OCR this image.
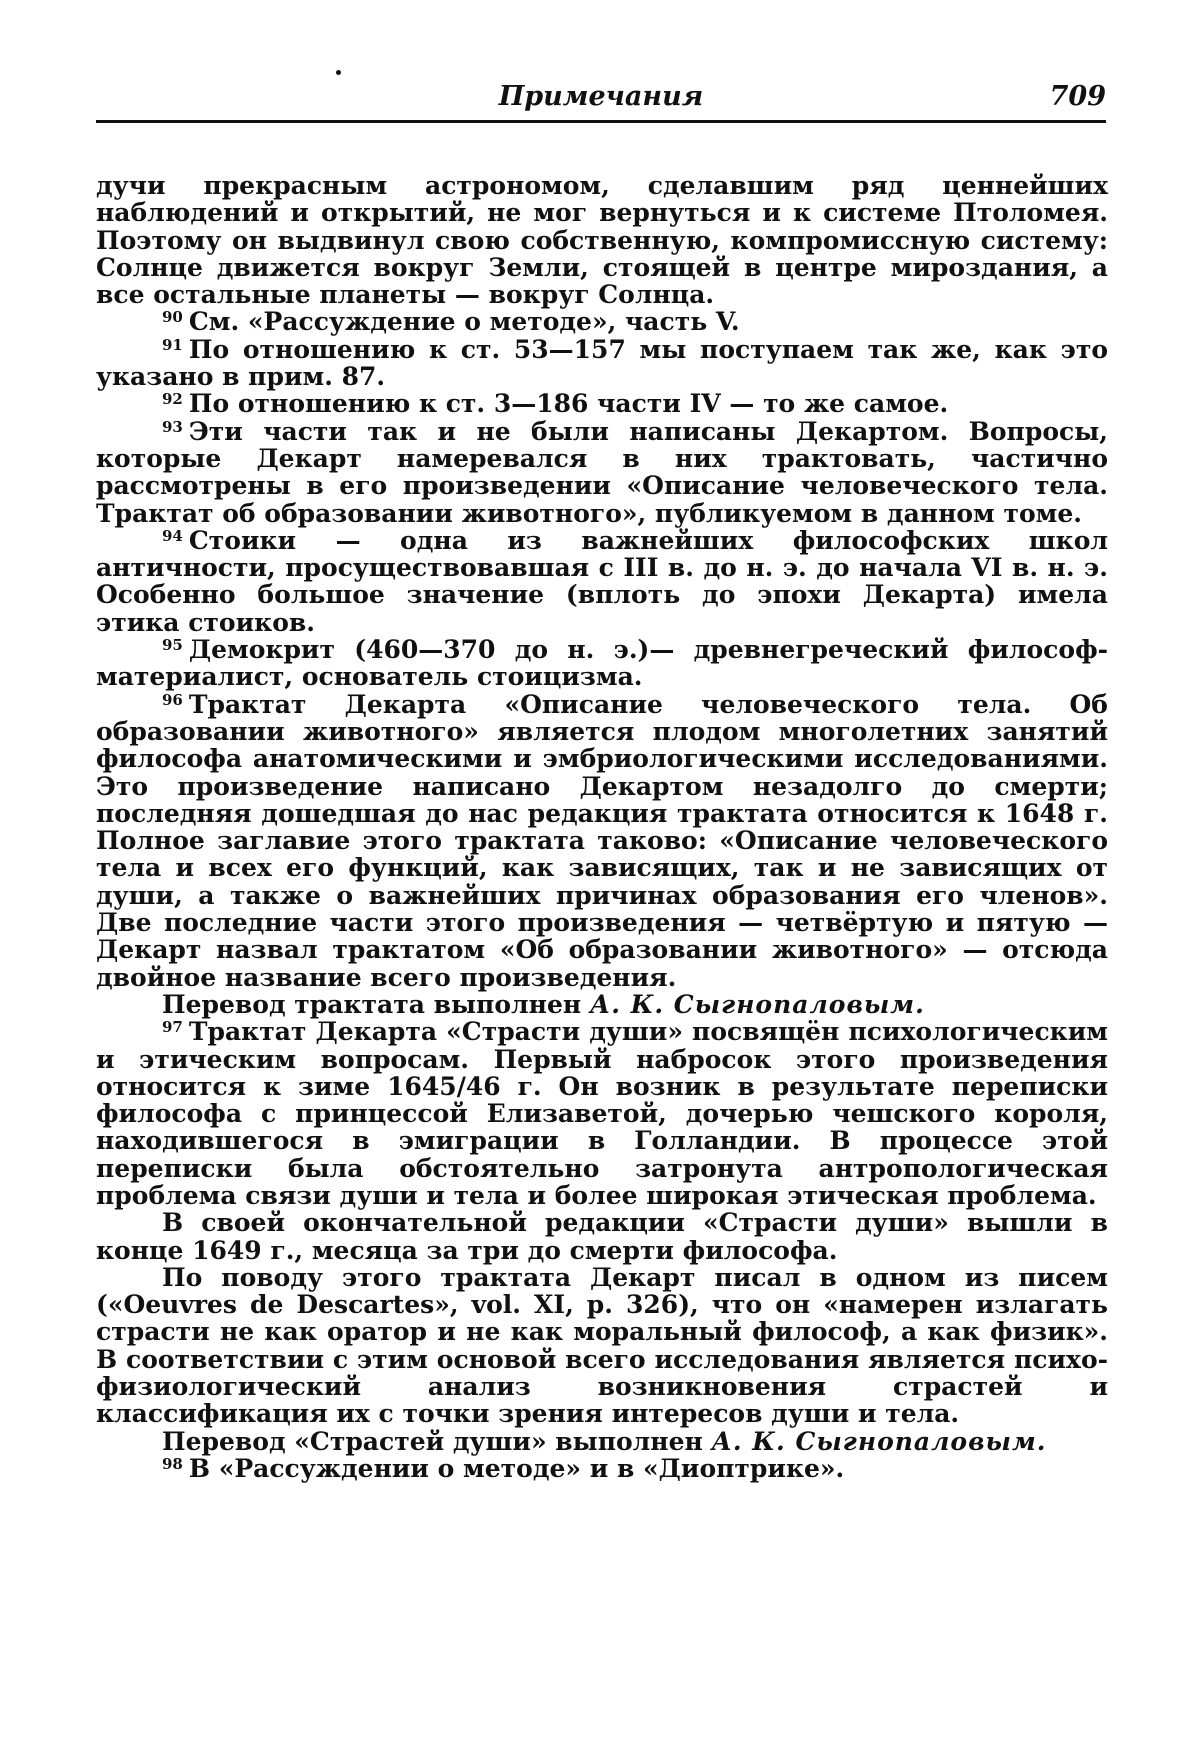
Примечания	709

дучи прекрасным астрономом, сделавшим ряд ценнейших наблюдений и открытий, не мог вернуться и к системе Птоломея. Поэтому он выдвинул свою собственную, компромиссную систему: Солнце движется вокруг Земли, стоящей в центре мироздания, а все остальные планеты — вокруг Солнца.

$^{90}$ См. «Рассуждение о методе», часть V.

$^{91}$ По отношению к ст. 53—157 мы поступаем так же, как это указано в прим. 87.

$^{92}$ По отношению к ст. 3—186 части IV — то же самое.

$^{93}$ Эти части так и не были написаны Декартом. Вопросы, которые Декарт намеревался в них трактовать, частично рассмотрены в его произведении «Описание человеческого тела. Трактат об образовании животного», публикуемом в данном томе.

$^{94}$ Стоики — одна из важнейших философских школ античности, просуществовавшая с III в. до н. э. до начала VI в. н. э. Особенно большое значение (вплоть до эпохи Декарта) имела этика стоиков.

$^{95}$ Демокрит (460—370 до н. э.)— древнегреческий философ-материалист, основатель стоицизма.

$^{96}$ Трактат Декарта «Описание человеческого тела. Об образовании животного» является плодом многолетних занятий философа анатомическими и эмбриологическими исследованиями. Это произведение написано Декартом незадолго до смерти; последняя дошедшая до нас редакция трактата относится к 1648 г. Полное заглавие этого трактата таково: «Описание человеческого тела и всех его функций, как зависящих, так и не зависящих от души, а также о важнейших причинах образования его членов». Две последние части этого произведения — четвёртую и пятую — Декарт назвал трактатом «Об образовании животного» — отсюда двойное название всего произведения.

Перевод трактата выполнен А. К. Сыгнопаловым.

$^{97}$ Трактат Декарта «Страсти души» посвящён психологическим и этическим вопросам. Первый набросок этого произведения относится к зиме 1645/46 г. Он возник в результате переписки философа с принцессой Елизаветой, дочерью чешского короля, находившегося в эмиграции в Голландии. В процессе этой переписки была обстоятельно затронута антропологическая проблема связи души и тела и более широкая этическая проблема.

В своей окончательной редакции «Страсти души» вышли в конце 1649 г., месяца за три до смерти философа.

По поводу этого трактата Декарт писал в одном из писем («Oeuvres de Descartes», vol. XI, p. 326), что он «намерен излагать страсти не как оратор и не как моральный философ, а как физик». В соответствии с этим основой всего исследования является психо-физиологический анализ возникновения страстей и классификация их с точки зрения интересов души и тела.

Перевод «Страстей души» выполнен А. К. Сыгнопаловым.

$^{98}$ В «Рассуждении о методе» и в «Диоптрике».
